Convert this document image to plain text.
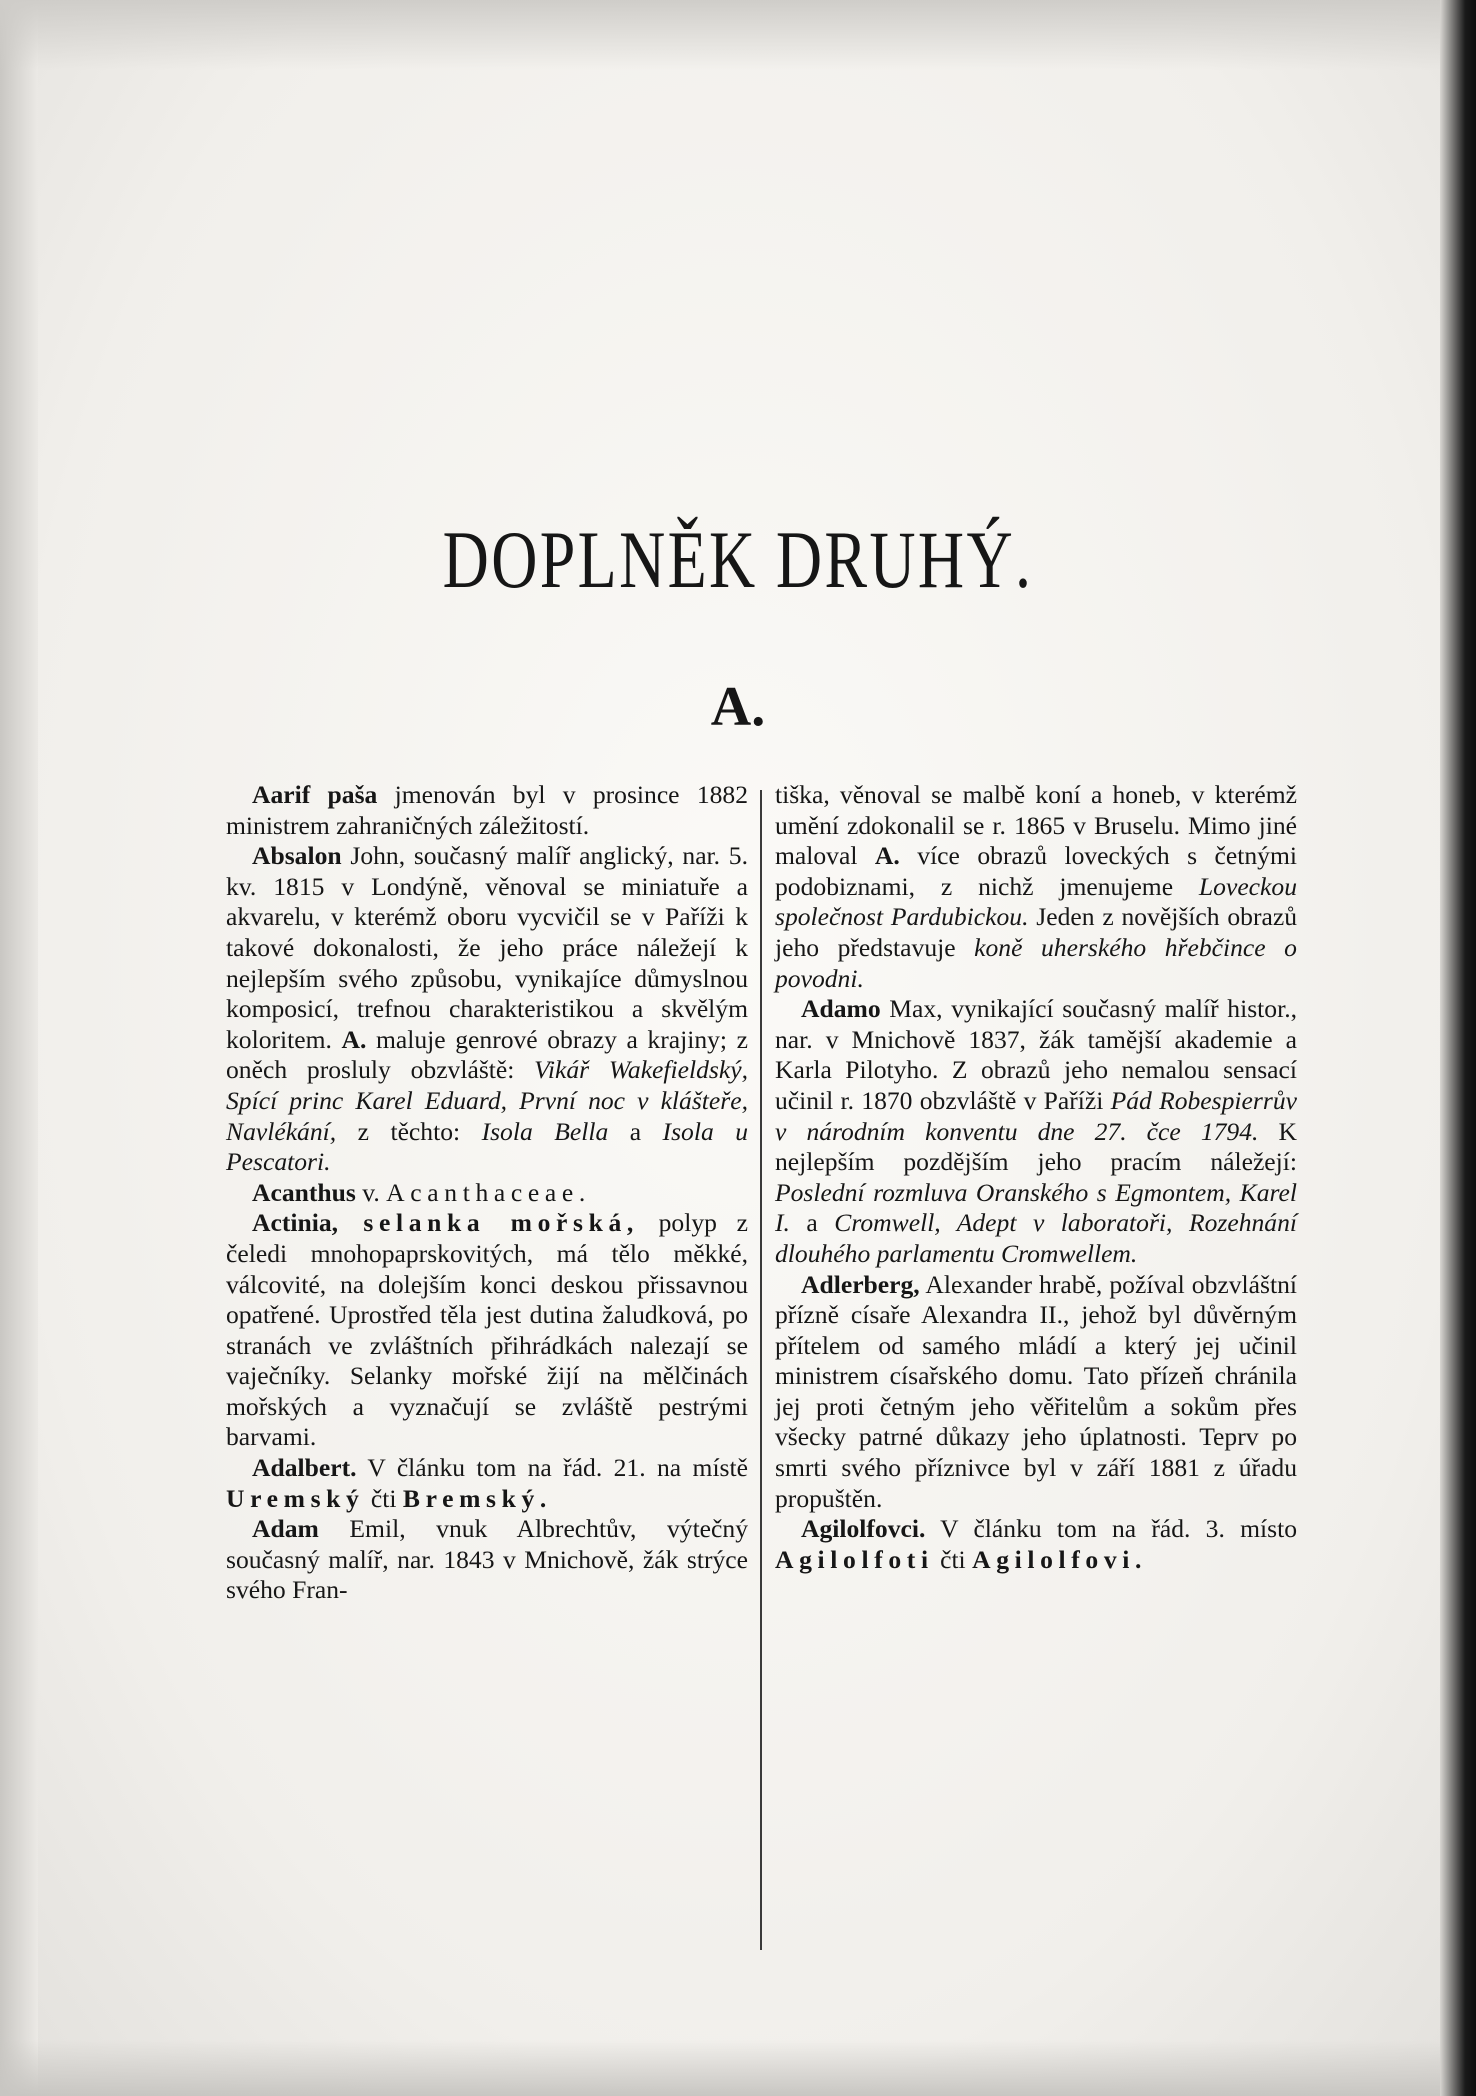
DOPLNĚK DRUHÝ.
A.

Aarif paša jmenován byl v prosince 1882 ministrem zahraničných záležitostí.

Absalon John, současný malíř anglický, nar. 5. kv. 1815 v Londýně, věnoval se miniatuře a akvarelu, v kterémž oboru vycvičil se v Paříži k takové dokonalosti, že jeho práce náležejí k nejlepším svého způsobu, vynikajíce důmyslnou komposicí, trefnou charakteristikou a skvělým koloritem. A. maluje genrové obrazy a krajiny; z oněch prosluly obzvláště: Vikář Wakefieldský, Spící princ Karel Eduard, První noc v klášteře, Navlékání, z těchto: Isola Bella a Isola u Pescatori.

Acanthus v. Acanthaceae.

Actinia, selanka mořská, polyp z čeledi mnohopaprskovitých, má tělo měkké, válcovité, na dolejším konci deskou přissavnou opatřené. Uprostřed těla jest dutina žaludková, po stranách ve zvláštních přihrádkách nalezají se vaječníky. Selanky mořské žijí na mělčinách mořských a vyznačují se zvláště pestrými barvami.

Adalbert. V článku tom na řád. 21. na místě Uremský čti Bremský.

Adam Emil, vnuk Albrechtův, výtečný současný malíř, nar. 1843 v Mnichově, žák strýce svého Fran-

tiška, věnoval se malbě koní a honeb, v kterémž umění zdokonalil se r. 1865 v Bruselu. Mimo jiné maloval A. více obrazů loveckých s četnými podobiznami, z nichž jmenujeme Loveckou společnost Pardubickou. Jeden z novějších obrazů jeho představuje koně uherského hřebčince o povodni.

Adamo Max, vynikající současný malíř histor., nar. v Mnichově 1837, žák tamější akademie a Karla Pilotyho. Z obrazů jeho nemalou sensací učinil r. 1870 obzvláště v Paříži Pád Robespierrův v národním konventu dne 27. čce 1794. K nejlepším pozdějším jeho pracím náležejí: Poslední rozmluva Oranského s Egmontem, Karel I. a Cromwell, Adept v laboratoři, Rozehnání dlouhého parlamentu Cromwellem.

Adlerberg, Alexander hrabě, požíval obzvláštní přízně císaře Alexandra II., jehož byl důvěrným přítelem od samého mládí a který jej učinil ministrem císařského domu. Tato přízeň chránila jej proti četným jeho věřitelům a sokům přes všecky patrné důkazy jeho úplatnosti. Teprv po smrti svého příznivce byl v září 1881 z úřadu propuštěn.

Agilolfovci. V článku tom na řád. 3. místo Agilolfoti čti Agilolfovi.
